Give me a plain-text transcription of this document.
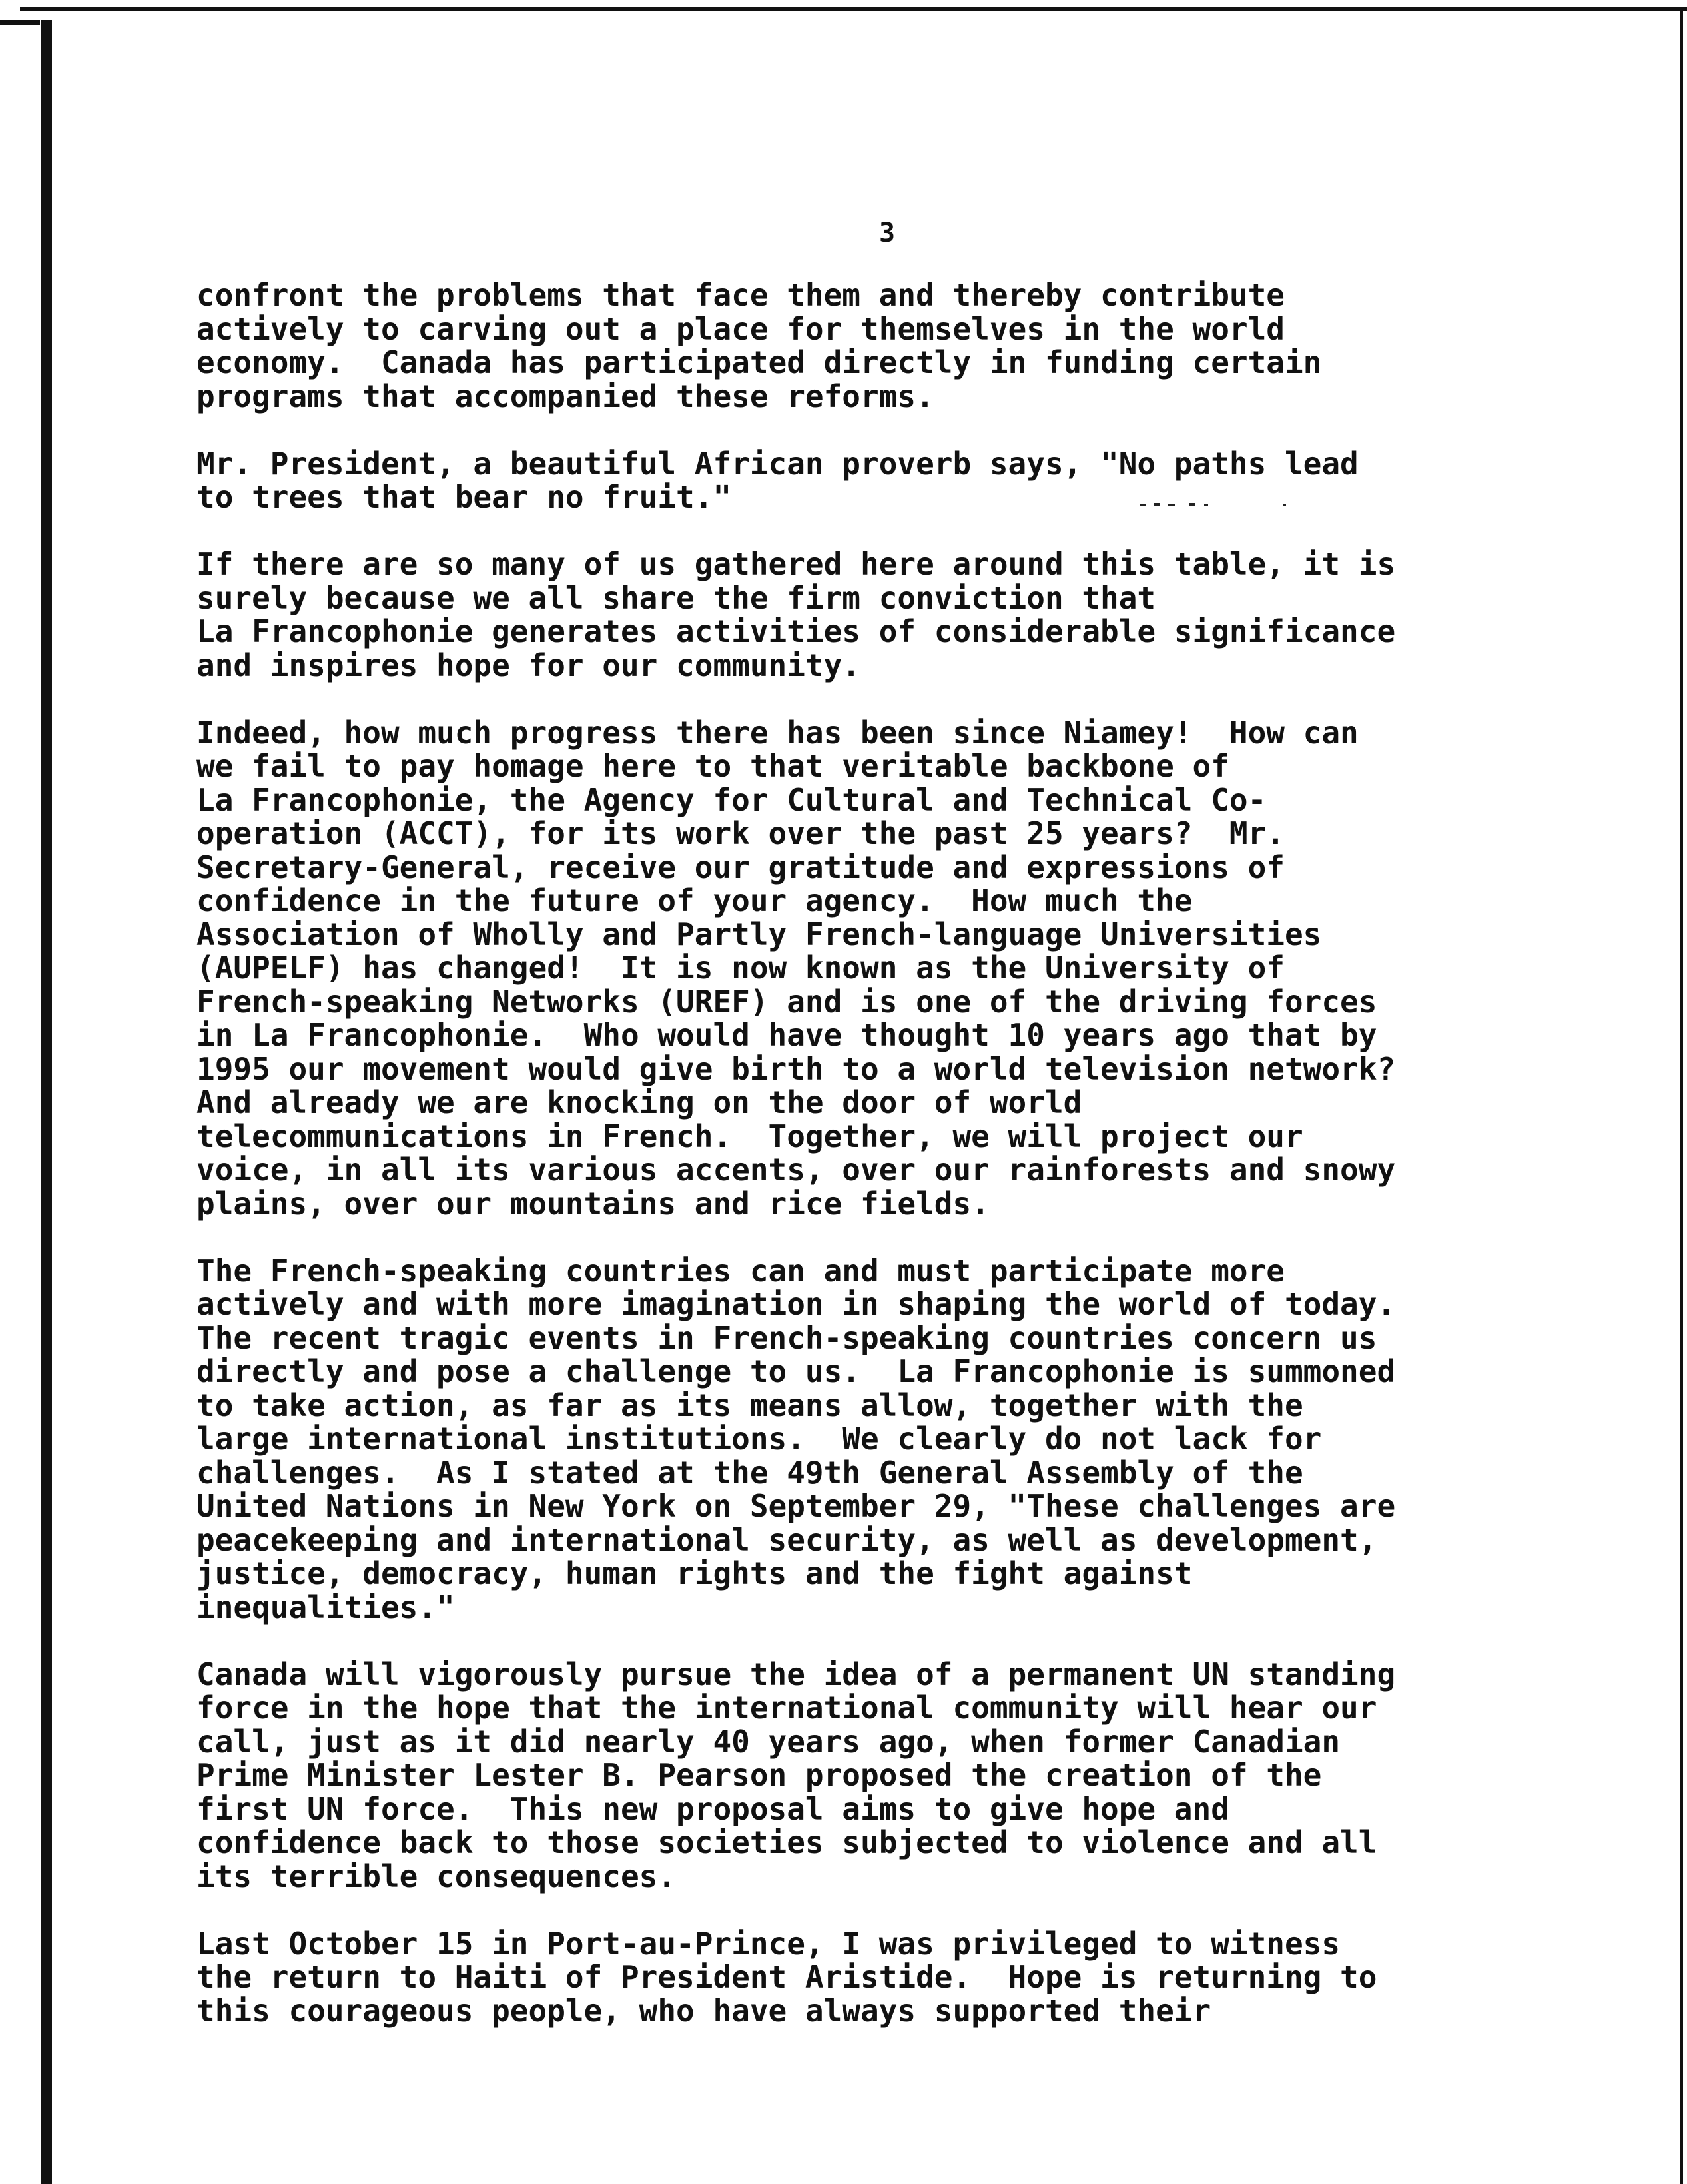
3
confront the problems that face them and thereby contribute
actively to carving out a place for themselves in the world
economy.  Canada has participated directly in funding certain
programs that accompanied these reforms.
Mr. President, a beautiful African proverb says, "No paths lead
to trees that bear no fruit."
If there are so many of us gathered here around this table, it is
surely because we all share the firm conviction that
La Francophonie generates activities of considerable significance
and inspires hope for our community.
Indeed, how much progress there has been since Niamey!  How can
we fail to pay homage here to that veritable backbone of
La Francophonie, the Agency for Cultural and Technical Co-
operation (ACCT), for its work over the past 25 years?  Mr.
Secretary-General, receive our gratitude and expressions of
confidence in the future of your agency.  How much the
Association of Wholly and Partly French-language Universities
(AUPELF) has changed!  It is now known as the University of
French-speaking Networks (UREF) and is one of the driving forces
in La Francophonie.  Who would have thought 10 years ago that by
1995 our movement would give birth to a world television network?
And already we are knocking on the door of world
telecommunications in French.  Together, we will project our
voice, in all its various accents, over our rainforests and snowy
plains, over our mountains and rice fields.
The French-speaking countries can and must participate more
actively and with more imagination in shaping the world of today.
The recent tragic events in French-speaking countries concern us
directly and pose a challenge to us.  La Francophonie is summoned
to take action, as far as its means allow, together with the
large international institutions.  We clearly do not lack for
challenges.  As I stated at the 49th General Assembly of the
United Nations in New York on September 29, "These challenges are
peacekeeping and international security, as well as development,
justice, democracy, human rights and the fight against
inequalities."
Canada will vigorously pursue the idea of a permanent UN standing
force in the hope that the international community will hear our
call, just as it did nearly 40 years ago, when former Canadian
Prime Minister Lester B. Pearson proposed the creation of the
first UN force.  This new proposal aims to give hope and
confidence back to those societies subjected to violence and all
its terrible consequences.
Last October 15 in Port-au-Prince, I was privileged to witness
the return to Haiti of President Aristide.  Hope is returning to
this courageous people, who have always supported their
